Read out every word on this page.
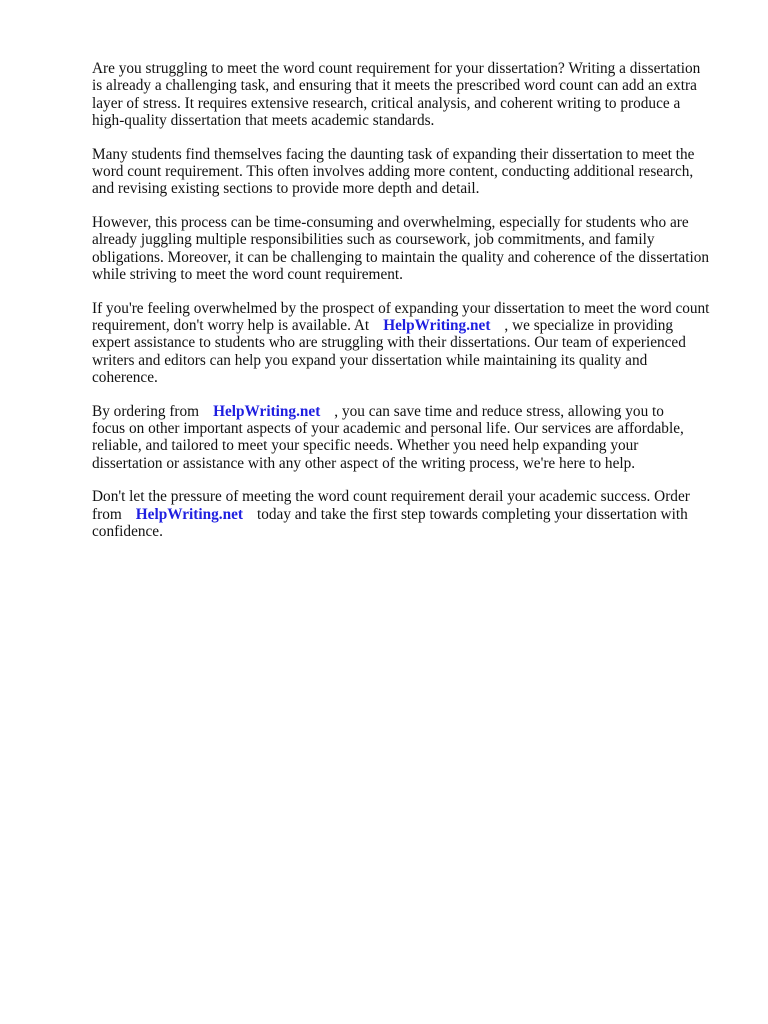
Are you struggling to meet the word count requirement for your dissertation? Writing a dissertation
is already a challenging task, and ensuring that it meets the prescribed word count can add an extra
layer of stress. It requires extensive research, critical analysis, and coherent writing to produce a
high-quality dissertation that meets academic standards.

Many students find themselves facing the daunting task of expanding their dissertation to meet the
word count requirement. This often involves adding more content, conducting additional research,
and revising existing sections to provide more depth and detail.

However, this process can be time-consuming and overwhelming, especially for students who are
already juggling multiple responsibilities such as coursework, job commitments, and family
obligations. Moreover, it can be challenging to maintain the quality and coherence of the dissertation
while striving to meet the word count requirement.

If you're feeling overwhelmed by the prospect of expanding your dissertation to meet the word count
requirement, don't worry help is available. At HelpWriting.net , we specialize in providing
expert assistance to students who are struggling with their dissertations. Our team of experienced
writers and editors can help you expand your dissertation while maintaining its quality and
coherence.

By ordering from HelpWriting.net , you can save time and reduce stress, allowing you to
focus on other important aspects of your academic and personal life. Our services are affordable,
reliable, and tailored to meet your specific needs. Whether you need help expanding your
dissertation or assistance with any other aspect of the writing process, we're here to help.

Don't let the pressure of meeting the word count requirement derail your academic success. Order
from HelpWriting.net today and take the first step towards completing your dissertation with
confidence.
